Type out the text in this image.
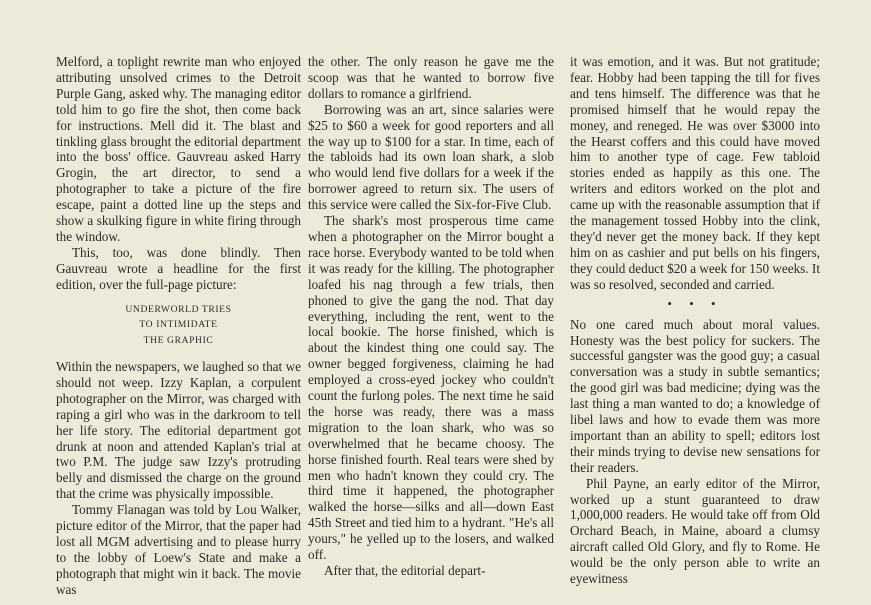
Melford, a toplight rewrite man who enjoyed attributing unsolved crimes to the Detroit Purple Gang, asked why. The managing editor told him to go fire the shot, then come back for instructions. Mell did it. The blast and tinkling glass brought the editorial department into the boss' office. Gauvreau asked Harry Grogin, the art director, to send a photographer to take a picture of the fire escape, paint a dotted line up the steps and show a skulking figure in white firing through the window.

This, too, was done blindly. Then Gauvreau wrote a headline for the first edition, over the full-page picture:

UNDERWORLD TRIES
TO INTIMIDATE
THE GRAPHIC

Within the newspapers, we laughed so that we should not weep. Izzy Kaplan, a corpulent photographer on the Mirror, was charged with raping a girl who was in the darkroom to tell her life story. The editorial department got drunk at noon and attended Kaplan's trial at two P.M. The judge saw Izzy's protruding belly and dismissed the charge on the ground that the crime was physically impossible.

Tommy Flanagan was told by Lou Walker, picture editor of the Mirror, that the paper had lost all MGM advertising and to please hurry to the lobby of Loew's State and make a photograph that might win it back. The movie was

the other. The only reason he gave me the scoop was that he wanted to borrow five dollars to romance a girlfriend.

Borrowing was an art, since salaries were $25 to $60 a week for good reporters and all the way up to $100 for a star. In time, each of the tabloids had its own loan shark, a slob who would lend five dollars for a week if the borrower agreed to return six. The users of this service were called the Six-for-Five Club.

The shark's most prosperous time came when a photographer on the Mirror bought a race horse. Everybody wanted to be told when it was ready for the killing. The photographer loafed his nag through a few trials, then phoned to give the gang the nod. That day everything, including the rent, went to the local bookie. The horse finished, which is about the kindest thing one could say. The owner begged forgiveness, claiming he had employed a cross-eyed jockey who couldn't count the furlong poles. The next time he said the horse was ready, there was a mass migration to the loan shark, who was so overwhelmed that he became choosy. The horse finished fourth. Real tears were shed by men who hadn't known they could cry. The third time it happened, the photographer walked the horse—silks and all—down East 45th Street and tied him to a hydrant. "He's all yours," he yelled up to the losers, and walked off.

After that, the editorial depart-

it was emotion, and it was. But not gratitude; fear. Hobby had been tapping the till for fives and tens himself. The difference was that he promised himself that he would repay the money, and reneged. He was over $3000 into the Hearst coffers and this could have moved him to another type of cage. Few tabloid stories ended as happily as this one. The writers and editors worked on the plot and came up with the reasonable assumption that if the management tossed Hobby into the clink, they'd never get the money back. If they kept him on as cashier and put bells on his fingers, they could deduct $20 a week for 150 weeks. It was so resolved, seconded and carried.

• • •

No one cared much about moral values. Honesty was the best policy for suckers. The successful gangster was the good guy; a casual conversation was a study in subtle semantics; the good girl was bad medicine; dying was the last thing a man wanted to do; a knowledge of libel laws and how to evade them was more important than an ability to spell; editors lost their minds trying to devise new sensations for their readers.

Phil Payne, an early editor of the Mirror, worked up a stunt guaranteed to draw 1,000,000 readers. He would take off from Old Orchard Beach, in Maine, aboard a clumsy aircraft called Old Glory, and fly to Rome. He would be the only person able to write an eyewitness
